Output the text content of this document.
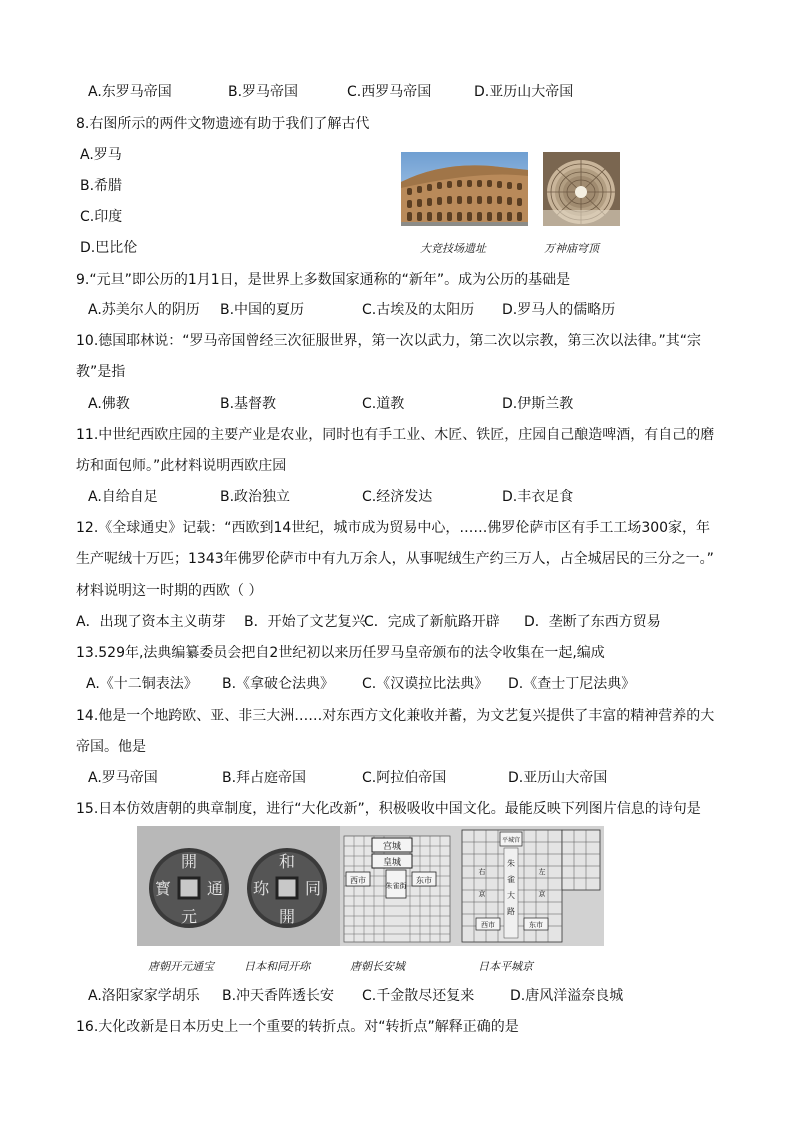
A.东罗马帝国	B.罗马帝国	C.西罗马帝国	D.亚历山大帝国
8.右图所示的两件文物遗迹有助于我们了解古代
A.罗马
B.希腊
C.印度
D.巴比伦	大竞技场遗址	万神庙穹顶
9.“元旦”即公历的1月1日，是世界上多数国家通称的“新年”。成为公历的基础是
A.苏美尔人的阴历 B.中国的夏历	C.古埃及的太阳历 D.罗马人的儒略历
10.德国耶林说：“罗马帝国曾经三次征服世界，第一次以武力，第二次以宗教，第三次以法律。”其“宗
教”是指
A.佛教	B.基督教	C.道教	D.伊斯兰教
11.中世纪西欧庄园的主要产业是农业，同时也有手工业、木匠、铁匠，庄园自己酿造啤酒，有自己的磨
坊和面包师。”此材料说明西欧庄园
A.自给自足	B.政治独立	C.经济发达	D.丰衣足食
12.《全球通史》记载：“西欧到14世纪，城市成为贸易中心，……佛罗伦萨市区有手工工场300家，年
生产呢绒十万匹；1343年佛罗伦萨市中有九万余人，从事呢绒生产约三万人，占全城居民的三分之一。”
材料说明这一时期的西欧（ ）
A．出现了资本主义萌芽 B．开始了文艺复兴
C．完成了新航路开辟 D．垄断了东西方贸易
13.529年,法典编纂委员会把自2世纪初以来历任罗马皇帝颁布的法令收集在一起,编成
A.《十二铜表法》 B.《拿破仑法典》 C.《汉谟拉比法典》 D.《查士丁尼法典》
14.他是一个地跨欧、亚、非三大洲……对东西方文化兼收并蓄，为文艺复兴提供了丰富的精神营养的大
帝国。他是
A.罗马帝国	B.拜占庭帝国	C.阿拉伯帝国	D.亚历山大帝国
15.日本仿效唐朝的典章制度，进行“大化改新”，积极吸收中国文化。最能反映下列图片信息的诗句是
開
通
元
寳
和
同
開
珎
宫城
皇城
西市	东市
朱雀街
平城宫
朱
雀
大
路
西市	东市
右
京
左
京
唐朝开元通宝	日本和同开珎	唐朝长安城	日本平城京
A.洛阳家家学胡乐 B.冲天香阵透长安 C.千金散尽还复来	D.唐风洋溢奈良城
16.大化改新是日本历史上一个重要的转折点。对“转折点”解释正确的是
